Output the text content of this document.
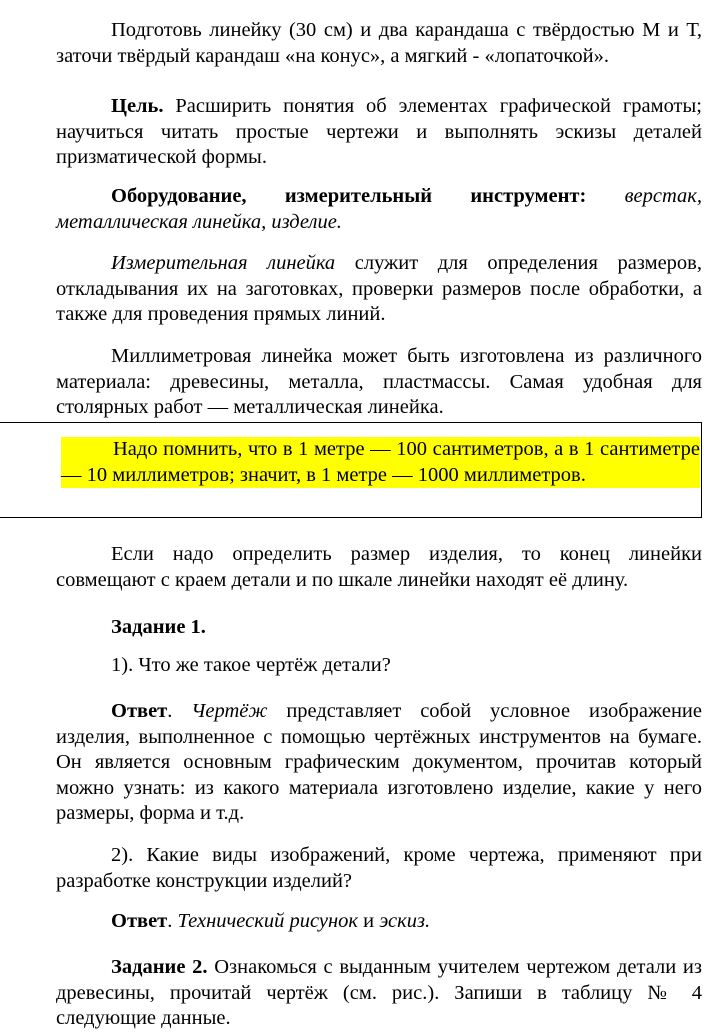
Подготовь линейку (30 см) и два карандаша с твёрдостью М и Т, заточи твёрдый карандаш «на конус», а мягкий - «лопаточкой».

Цель. Расширить понятия об элементах графической грамоты; научиться читать простые чертежи и выполнять эскизы деталей призматической формы.

Оборудование, измерительный инструмент: верстак, металлическая линейка, изделие.

Измерительная линейка служит для определения размеров, откладывания их на заготовках, проверки размеров после обработки, а также для проведения прямых линий.

Миллиметровая линейка может быть изготовлена из различного материала: древесины, металла, пластмассы. Самая удобная для столярных работ — металлическая линейка.

Надо помнить, что в 1 метре — 100 сантиметров, а в 1 сантиметре — 10 миллиметров; значит, в 1 метре — 1000 миллиметров.

Если надо определить размер изделия, то конец линейки совмещают с краем детали и по шкале линейки находят её длину.

Задание 1.

1). Что же такое чертёж детали?

Ответ. Чертёж представляет собой условное изображение изделия, выполненное с помощью чертёжных инструментов на бумаге. Он является основным графическим документом, прочитав который можно узнать: из какого материала изготовлено изделие, какие у него размеры, форма и т.д.

2). Какие виды изображений, кроме чертежа, применяют при разработке конструкции изделий?

Ответ. Технический рисунок и эскиз.

Задание 2. Ознакомься с выданным учителем чертежом детали из древесины, прочитай чертёж (см. рис.). Запиши в таблицу № 4 следующие данные.
